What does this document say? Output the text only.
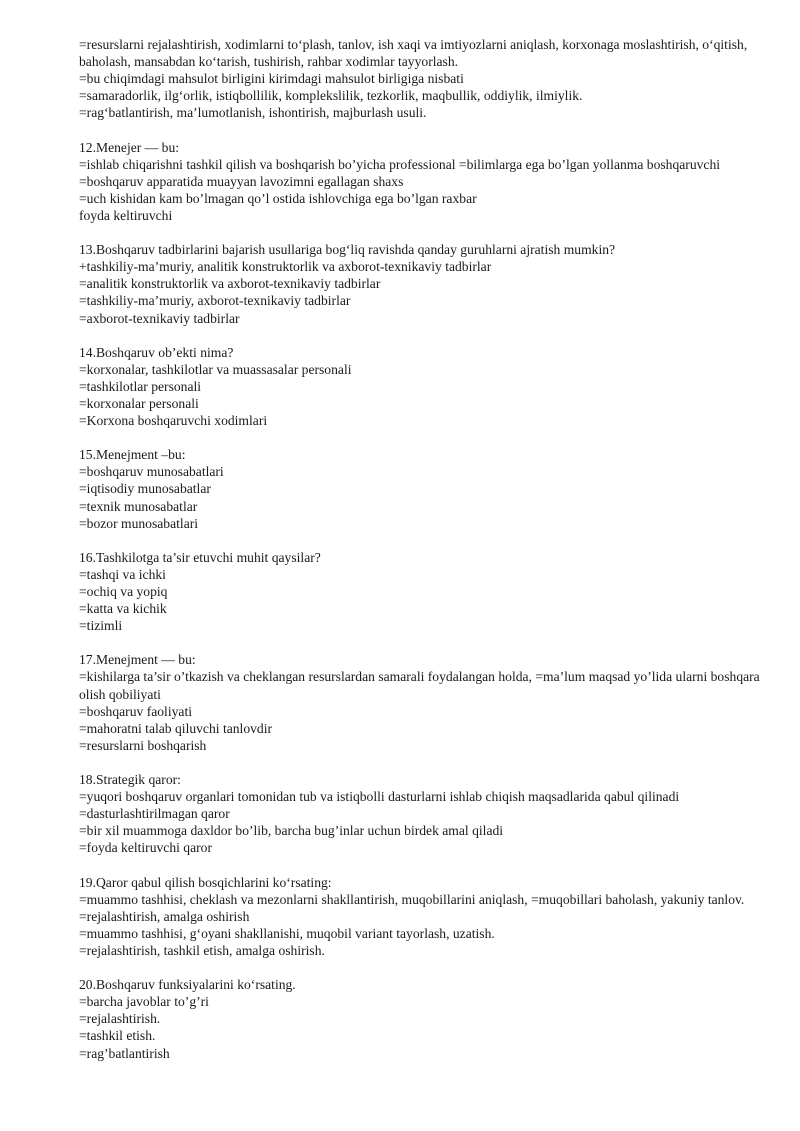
=resurslarni rejalashtirish, xodimlarni to‘plash, tanlov, ish xaqi va imtiyozlarni aniqlash, korxonaga moslashtirish, o‘qitish, baholash, mansabdan ko‘tarish, tushirish, rahbar xodimlar tayyorlash.
=bu chiqimdagi mahsulot birligini kirimdagi mahsulot birligiga nisbati
=samaradorlik, ilg‘orlik, istiqbollilik, komplekslilik, tezkorlik, maqbullik, oddiylik, ilmiylik.
=rag‘batlantirish, ma’lumotlanish, ishontirish, majburlash usuli.
12.Menejer — bu:
=ishlab chiqarishni tashkil qilish va boshqarish bo’yicha professional =bilimlarga ega bo’lgan yollanma boshqaruvchi
=boshqaruv apparatida muayyan lavozimni egallagan shaxs
=uch kishidan kam bo’lmagan qo’l ostida ishlovchiga ega bo’lgan raxbar
foyda keltiruvchi
13.Boshqaruv tadbirlarini bajarish usullariga bog‘liq ravishda qanday guruhlarni ajratish mumkin?
+tashkiliy-ma’muriy, analitik konstruktorlik va axborot-texnikaviy tadbirlar
=analitik konstruktorlik va axborot-texnikaviy tadbirlar
=tashkiliy-ma’muriy, axborot-texnikaviy tadbirlar
=axborot-texnikaviy tadbirlar
14.Boshqaruv ob’ekti nima?
=korxonalar, tashkilotlar va muassasalar personali
=tashkilotlar personali
=korxonalar personali
=Korxona boshqaruvchi xodimlari
15.Menejment –bu:
=boshqaruv munosabatlari
=iqtisodiy munosabatlar
=texnik munosabatlar
=bozor munosabatlari
16.Tashkilotga ta’sir etuvchi muhit qaysilar?
=tashqi va ichki
=ochiq va yopiq
=katta va kichik
=tizimli
17.Menejment — bu:
=kishilarga ta’sir o’tkazish va cheklangan resurslardan samarali foydalangan holda, =ma’lum maqsad yo’lida ularni boshqara olish qobiliyati
=boshqaruv faoliyati
=mahoratni talab qiluvchi tanlovdir
=resurslarni boshqarish
18.Strategik qaror:
=yuqori boshqaruv organlari tomonidan tub va istiqbolli dasturlarni ishlab chiqish maqsadlarida qabul qilinadi
=dasturlashtirilmagan qaror
=bir xil muammoga daxldor bo’lib, barcha bug’inlar uchun birdek amal qiladi
=foyda keltiruvchi qaror
19.Qaror qabul qilish bosqichlarini ko‘rsating:
=muammo tashhisi, cheklash va mezonlarni shakllantirish, muqobillarini aniqlash, =muqobillari baholash, yakuniy tanlov.
=rejalashtirish, amalga oshirish
=muammo tashhisi, g‘oyani shakllanishi, muqobil variant tayorlash, uzatish.
=rejalashtirish, tashkil etish, amalga oshirish.
20.Boshqaruv funksiyalarini ko‘rsating.
=barcha javoblar to’g’ri
=rejalashtirish.
=tashkil etish.
=rag’batlantirish
